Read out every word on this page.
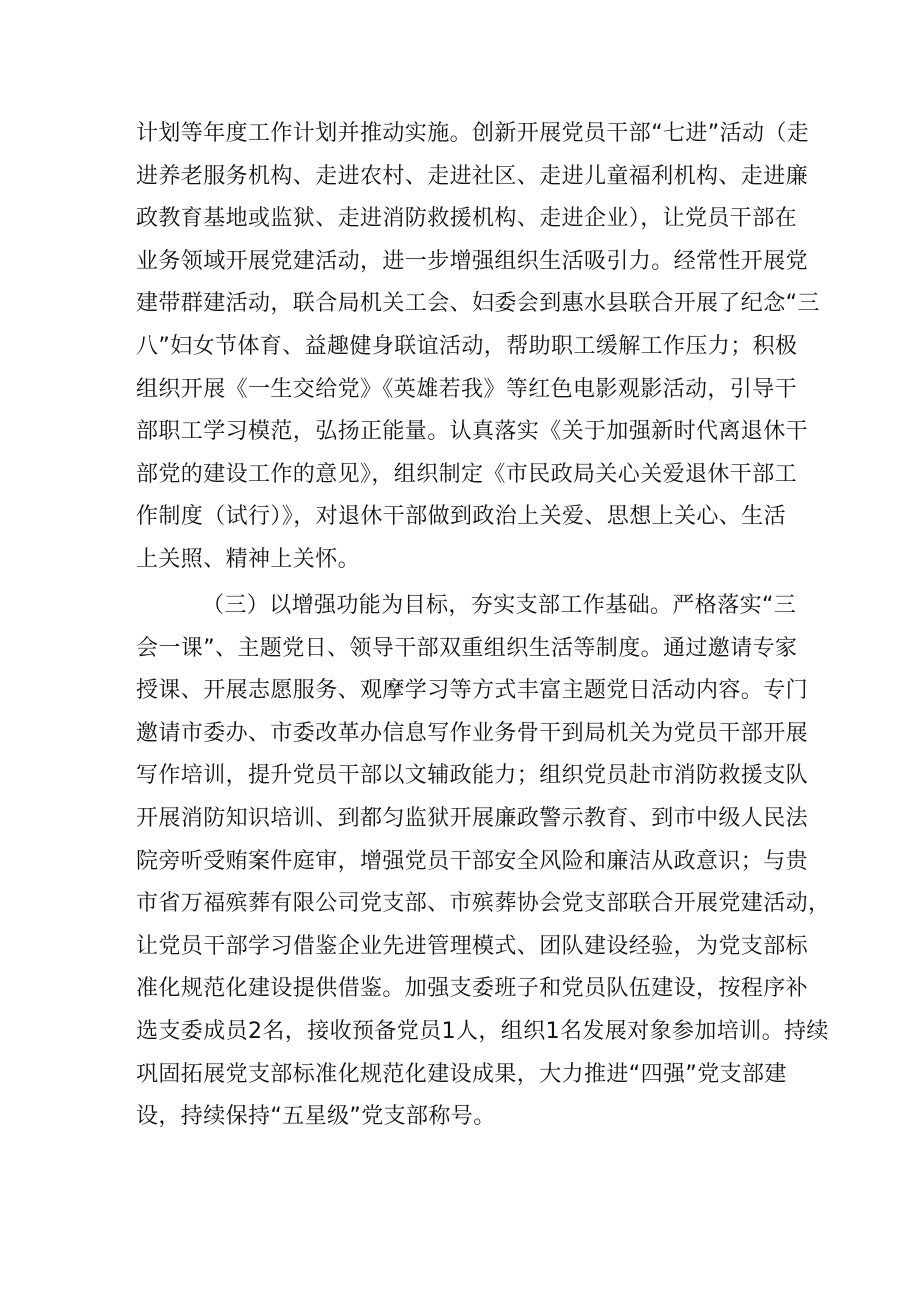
计划等年度工作计划并推动实施。创新开展党员干部“七进”活动（走
进养老服务机构、走进农村、走进社区、走进儿童福利机构、走进廉
政教育基地或监狱、走进消防救援机构、走进企业），让党员干部在
业务领域开展党建活动，进一步增强组织生活吸引力。经常性开展党
建带群建活动，联合局机关工会、妇委会到惠水县联合开展了纪念“三
八”妇女节体育、益趣健身联谊活动，帮助职工缓解工作压力；积极
组织开展《一生交给党》《英雄若我》等红色电影观影活动，引导干
部职工学习模范，弘扬正能量。认真落实《关于加强新时代离退休干
部党的建设工作的意见》，组织制定《市民政局关心关爱退休干部工
作制度（试行）》，对退休干部做到政治上关爱、思想上关心、生活
上关照、精神上关怀。
（三）以增强功能为目标，夯实支部工作基础。严格落实“三
会一课”、主题党日、领导干部双重组织生活等制度。通过邀请专家
授课、开展志愿服务、观摩学习等方式丰富主题党日活动内容。专门
邀请市委办、市委改革办信息写作业务骨干到局机关为党员干部开展
写作培训，提升党员干部以文辅政能力；组织党员赴市消防救援支队
开展消防知识培训、到都匀监狱开展廉政警示教育、到市中级人民法
院旁听受贿案件庭审，增强党员干部安全风险和廉洁从政意识；与贵
市省万福殡葬有限公司党支部、市殡葬协会党支部联合开展党建活动，
让党员干部学习借鉴企业先进管理模式、团队建设经验，为党支部标
准化规范化建设提供借鉴。加强支委班子和党员队伍建设，按程序补
选支委成员2名，接收预备党员1人，组织1名发展对象参加培训。持续
巩固拓展党支部标准化规范化建设成果，大力推进“四强”党支部建
设，持续保持“五星级”党支部称号。
